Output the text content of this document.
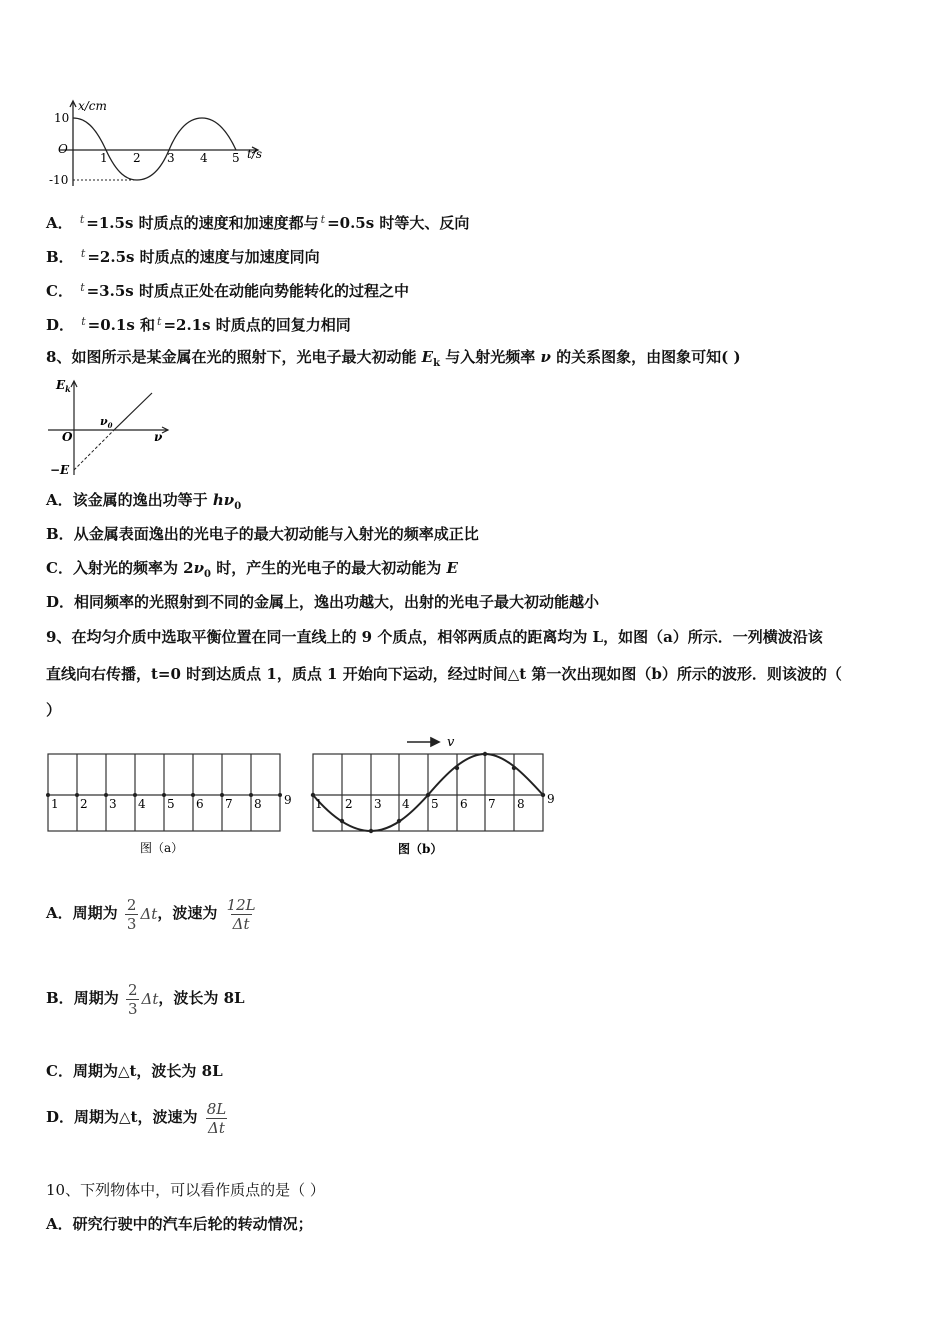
x/cm
10
O
-10
1 2 3 4 5 t/s
A． $^t$ =1.5s 时质点的速度和加速度都与 $^t$ =0.5s 时等大、反向
B． $^t$ =2.5s 时质点的速度与加速度同向
C． $^t$ =3.5s 时质点正处在动能向势能转化的过程之中
D． $^t$ =0.1s 和 $^t$ =2.1s 时质点的回复力相同
8、如图所示是某金属在光的照射下，光电子最大初动能 $E_k$ 与入射光频率 ν 的关系图象，由图象可知( )
$E_k$
O
$\nu_0$
ν
−E
A．该金属的逸出功等于 $h\nu_0$
B．从金属表面逸出的光电子的最大初动能与入射光的频率成正比
C．入射光的频率为 $2\nu_0$ 时，产生的光电子的最大初动能为 E
D．相同频率的光照射到不同的金属上，逸出功越大，出射的光电子最大初动能越小
9、在均匀介质中选取平衡位置在同一直线上的 9 个质点，相邻两质点的距离均为 L，如图（a）所示．一列横波沿该
直线向右传播，t=0 时到达质点 1，质点 1 开始向下运动，经过时间△t 第一次出现如图（b）所示的波形．则该波的（
）
1 2 3 4 5 6 7 8 9
图（a）
v
1 2 3 4 5 6 7 8 9
图（b）
A．周期为 $\frac{2}{3}$ Δt ，波速为 $\frac{12L}{\Delta t}$
B．周期为 $\frac{2}{3}$ Δt ，波长为 8L
C．周期为△t，波长为 8L
D．周期为△t，波速为 $\frac{8L}{\Delta t}$
10、下列物体中，可以看作质点的是（ ）
A．研究行驶中的汽车后轮的转动情况；
